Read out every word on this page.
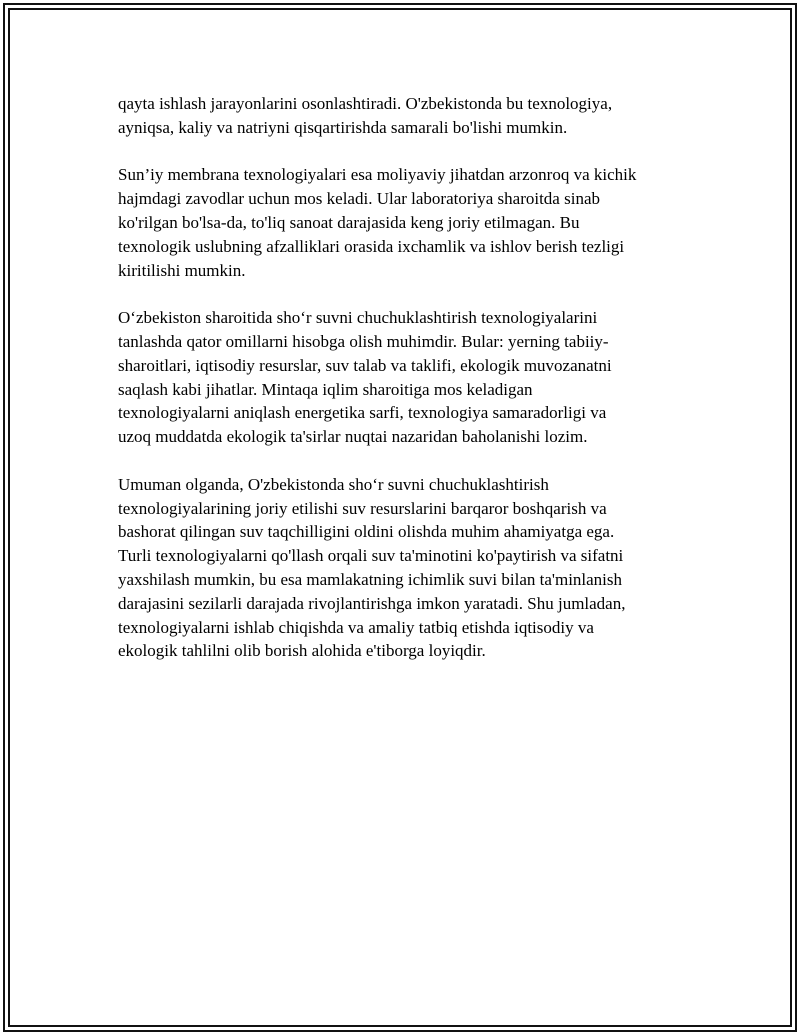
qayta ishlash jarayonlarini osonlashtiradi. O'zbekistonda bu texnologiya,
ayniqsa, kaliy va natriyni qisqartirishda samarali bo'lishi mumkin.

Sun’iy membrana texnologiyalari esa moliyaviy jihatdan arzonroq va kichik
hajmdagi zavodlar uchun mos keladi. Ular laboratoriya sharoitda sinab
ko'rilgan bo'lsa-da, to'liq sanoat darajasida keng joriy etilmagan. Bu
texnologik uslubning afzalliklari orasida ixchamlik va ishlov berish tezligi
kiritilishi mumkin.

O‘zbekiston sharoitida sho‘r suvni chuchuklashtirish texnologiyalarini
tanlashda qator omillarni hisobga olish muhimdir. Bular: yerning tabiiy-
sharoitlari, iqtisodiy resurslar, suv talab va taklifi, ekologik muvozanatni
saqlash kabi jihatlar. Mintaqa iqlim sharoitiga mos keladigan
texnologiyalarni aniqlash energetika sarfi, texnologiya samaradorligi va
uzoq muddatda ekologik ta'sirlar nuqtai nazaridan baholanishi lozim.

Umuman olganda, O'zbekistonda sho‘r suvni chuchuklashtirish
texnologiyalarining joriy etilishi suv resurslarini barqaror boshqarish va
bashorat qilingan suv taqchilligini oldini olishda muhim ahamiyatga ega.
Turli texnologiyalarni qo'llash orqali suv ta'minotini ko'paytirish va sifatni
yaxshilash mumkin, bu esa mamlakatning ichimlik suvi bilan ta'minlanish
darajasini sezilarli darajada rivojlantirishga imkon yaratadi. Shu jumladan,
texnologiyalarni ishlab chiqishda va amaliy tatbiq etishda iqtisodiy va
ekologik tahlilni olib borish alohida e'tiborga loyiqdir.
